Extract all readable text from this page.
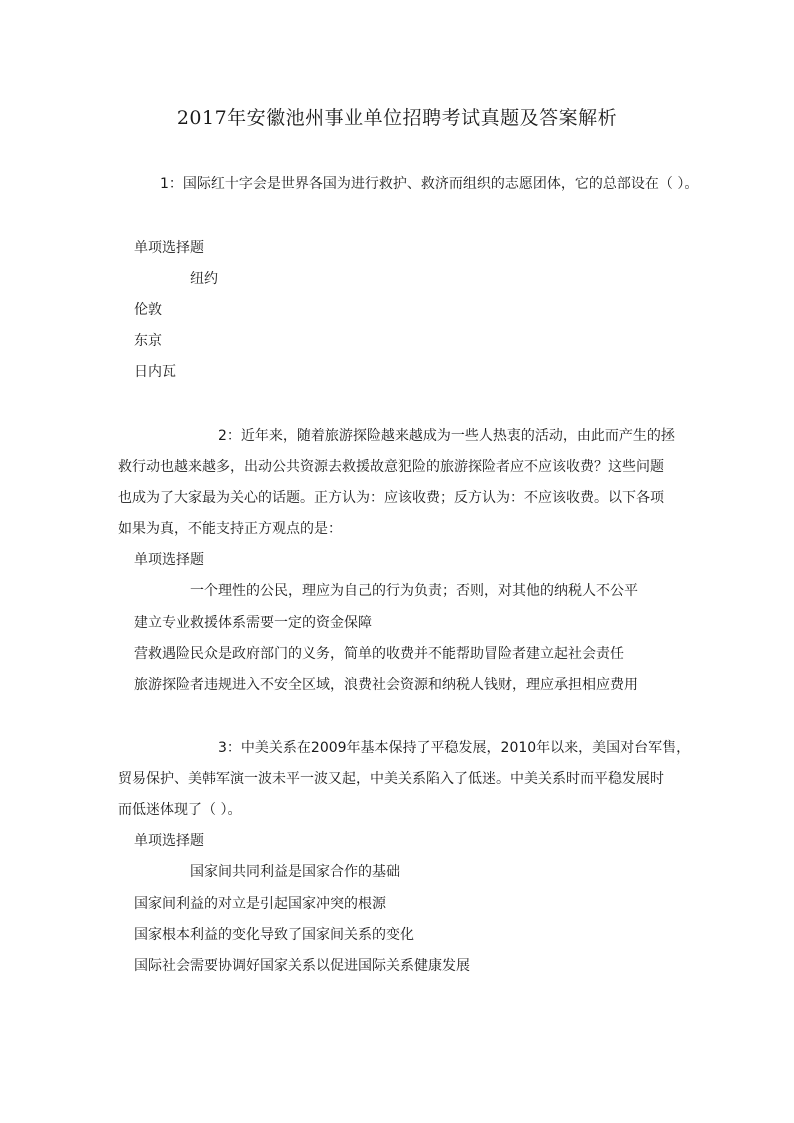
2017年安徽池州事业单位招聘考试真题及答案解析
1：国际红十字会是世界各国为进行救护、救济而组织的志愿团体，它的总部设在（ ）。
单项选择题
纽约
伦敦
东京
日内瓦
2：近年来，随着旅游探险越来越成为一些人热衷的活动，由此而产生的拯
救行动也越来越多，出动公共资源去救援故意犯险的旅游探险者应不应该收费？这些问题
也成为了大家最为关心的话题。正方认为：应该收费；反方认为：不应该收费。以下各项
如果为真，不能支持正方观点的是：
单项选择题
一个理性的公民，理应为自己的行为负责；否则，对其他的纳税人不公平
建立专业救援体系需要一定的资金保障
营救遇险民众是政府部门的义务，简单的收费并不能帮助冒险者建立起社会责任
旅游探险者违规进入不安全区域，浪费社会资源和纳税人钱财，理应承担相应费用
3：中美关系在2009年基本保持了平稳发展，2010年以来，美国对台军售，
贸易保护、美韩军演一波未平一波又起，中美关系陷入了低迷。中美关系时而平稳发展时
而低迷体现了（ ）。
单项选择题
国家间共同利益是国家合作的基础
国家间利益的对立是引起国家冲突的根源
国家根本利益的变化导致了国家间关系的变化
国际社会需要协调好国家关系以促进国际关系健康发展
